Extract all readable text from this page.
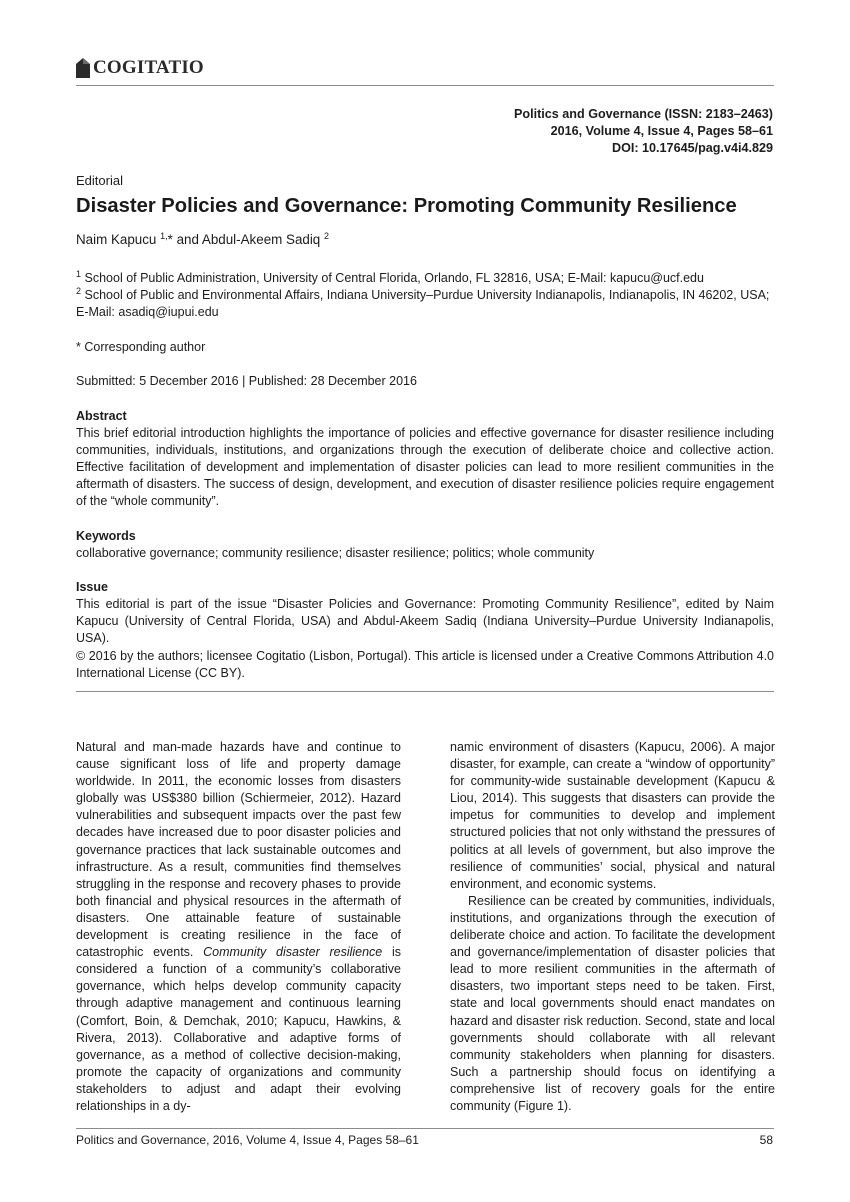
COGITATIO
Politics and Governance (ISSN: 2183–2463)
2016, Volume 4, Issue 4, Pages 58–61
DOI: 10.17645/pag.v4i4.829
Editorial
Disaster Policies and Governance: Promoting Community Resilience
Naim Kapucu $^{1,}$* and Abdul-Akeem Sadiq $^2$

$^1$ School of Public Administration, University of Central Florida, Orlando, FL 32816, USA; E-Mail: kapucu@ucf.edu

$^2$ School of Public and Environmental Affairs, Indiana University–Purdue University Indianapolis, Indianapolis, IN 46202, USA; E-Mail: asadiq@iupui.edu

* Corresponding author
Submitted: 5 December 2016 | Published: 28 December 2016
Abstract
This brief editorial introduction highlights the importance of policies and effective governance for disaster resilience including communities, individuals, institutions, and organizations through the execution of deliberate choice and collective action. Effective facilitation of development and implementation of disaster policies can lead to more resilient communities in the aftermath of disasters. The success of design, development, and execution of disaster resilience policies require engagement of the “whole community”.
Keywords
collaborative governance; community resilience; disaster resilience; politics; whole community
Issue
This editorial is part of the issue “Disaster Policies and Governance: Promoting Community Resilience”, edited by Naim Kapucu (University of Central Florida, USA) and Abdul-Akeem Sadiq (Indiana University–Purdue University Indianapolis, USA).
© 2016 by the authors; licensee Cogitatio (Lisbon, Portugal). This article is licensed under a Creative Commons Attribution 4.0 International License (CC BY).

Natural and man-made hazards have and continue to cause significant loss of life and property damage worldwide. In 2011, the economic losses from disasters globally was US$380 billion (Schiermeier, 2012). Hazard vulnerabilities and subsequent impacts over the past few decades have increased due to poor disaster policies and governance practices that lack sustainable outcomes and infrastructure. As a result, communities find themselves struggling in the response and recovery phases to provide both financial and physical resources in the aftermath of disasters. One attainable feature of sustainable development is creating resilience in the face of catastrophic events. Community disaster resilience is considered a function of a community’s collaborative governance, which helps develop community capacity through adaptive management and continuous learning (Comfort, Boin, & Demchak, 2010; Kapucu, Hawkins, & Rivera, 2013). Collaborative and adaptive forms of governance, as a method of collective decision-making, promote the capacity of organizations and community stakeholders to adjust and adapt their evolving relationships in a dy-

namic environment of disasters (Kapucu, 2006). A major disaster, for example, can create a “window of opportunity” for community-wide sustainable development (Kapucu & Liou, 2014). This suggests that disasters can provide the impetus for communities to develop and implement structured policies that not only withstand the pressures of politics at all levels of government, but also improve the resilience of communities’ social, physical and natural environment, and economic systems.

Resilience can be created by communities, individuals, institutions, and organizations through the execution of deliberate choice and action. To facilitate the development and governance/implementation of disaster policies that lead to more resilient communities in the aftermath of disasters, two important steps need to be taken. First, state and local governments should enact mandates on hazard and disaster risk reduction. Second, state and local governments should collaborate with all relevant community stakeholders when planning for disasters. Such a partnership should focus on identifying a comprehensive list of recovery goals for the entire community (Figure 1).

Politics and Governance, 2016, Volume 4, Issue 4, Pages 58–61	58
